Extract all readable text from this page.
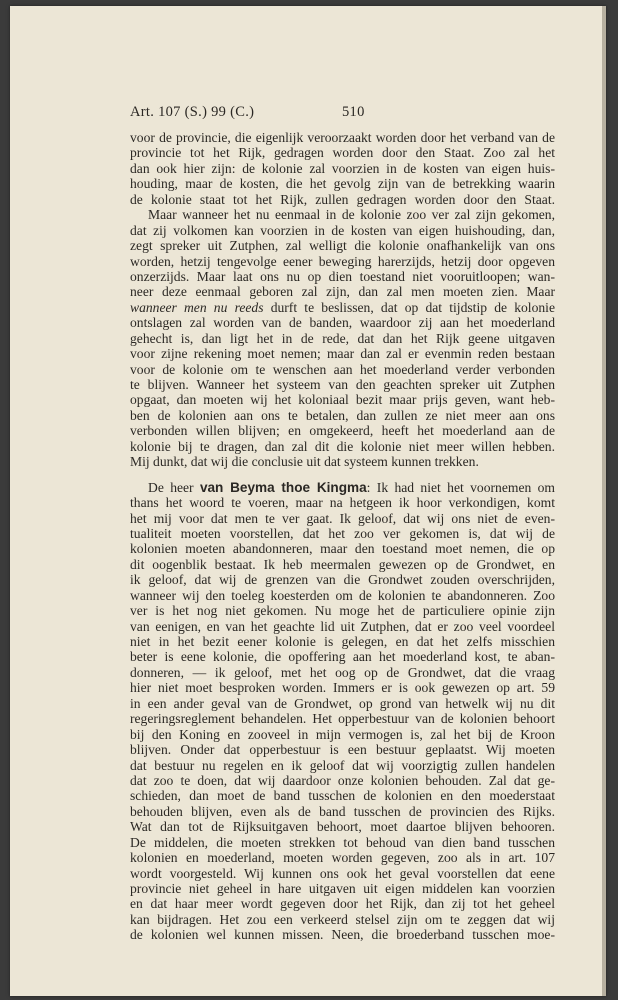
Art. 107 (S.) 99 (C.)	510
voor de provincie, die eigenlijk veroorzaakt worden door het verband van de
provincie tot het Rijk, gedragen worden door den Staat. Zoo zal het
dan ook hier zijn: de kolonie zal voorzien in de kosten van eigen huis-
houding, maar de kosten, die het gevolg zijn van de betrekking waarin
de kolonie staat tot het Rijk, zullen gedragen worden door den Staat.
Maar wanneer het nu eenmaal in de kolonie zoo ver zal zijn gekomen,
dat zij volkomen kan voorzien in de kosten van eigen huishouding, dan,
zegt spreker uit Zutphen, zal welligt die kolonie onafhankelijk van ons
worden, hetzij tengevolge eener beweging harerzijds, hetzij door opgeven
onzerzijds. Maar laat ons nu op dien toestand niet vooruitloopen; wan-
neer deze eenmaal geboren zal zijn, dan zal men moeten zien. Maar
wanneer men nu reeds durft te beslissen, dat op dat tijdstip de kolonie
ontslagen zal worden van de banden, waardoor zij aan het moederland
gehecht is, dan ligt het in de rede, dat dan het Rijk geene uitgaven
voor zijne rekening moet nemen; maar dan zal er evenmin reden bestaan
voor de kolonie om te wenschen aan het moederland verder verbonden
te blijven. Wanneer het systeem van den geachten spreker uit Zutphen
opgaat, dan moeten wij het koloniaal bezit maar prijs geven, want heb-
ben de kolonien aan ons te betalen, dan zullen ze niet meer aan ons
verbonden willen blijven; en omgekeerd, heeft het moederland aan de
kolonie bij te dragen, dan zal dit die kolonie niet meer willen hebben.
Mij dunkt, dat wij die conclusie uit dat systeem kunnen trekken.
De heer van Beyma thoe Kingma: Ik had niet het voornemen om
thans het woord te voeren, maar na hetgeen ik hoor verkondigen, komt
het mij voor dat men te ver gaat. Ik geloof, dat wij ons niet de even-
tualiteit moeten voorstellen, dat het zoo ver gekomen is, dat wij de
kolonien moeten abandonneren, maar den toestand moet nemen, die op
dit oogenblik bestaat. Ik heb meermalen gewezen op de Grondwet, en
ik geloof, dat wij de grenzen van die Grondwet zouden overschrijden,
wanneer wij den toeleg koesterden om de kolonien te abandonneren. Zoo
ver is het nog niet gekomen. Nu moge het de particuliere opinie zijn
van eenigen, en van het geachte lid uit Zutphen, dat er zoo veel voordeel
niet in het bezit eener kolonie is gelegen, en dat het zelfs misschien
beter is eene kolonie, die opoffering aan het moederland kost, te aban-
donneren, — ik geloof, met het oog op de Grondwet, dat die vraag
hier niet moet besproken worden. Immers er is ook gewezen op art. 59
in een ander geval van de Grondwet, op grond van hetwelk wij nu dit
regeringsreglement behandelen. Het opperbestuur van de kolonien behoort
bij den Koning en zooveel in mijn vermogen is, zal het bij de Kroon
blijven. Onder dat opperbestuur is een bestuur geplaatst. Wij moeten
dat bestuur nu regelen en ik geloof dat wij voorzigtig zullen handelen
dat zoo te doen, dat wij daardoor onze kolonien behouden. Zal dat ge-
schieden, dan moet de band tusschen de kolonien en den moederstaat
behouden blijven, even als de band tusschen de provincien des Rijks.
Wat dan tot de Rijksuitgaven behoort, moet daartoe blijven behooren.
De middelen, die moeten strekken tot behoud van dien band tusschen
kolonien en moederland, moeten worden gegeven, zoo als in art. 107
wordt voorgesteld. Wij kunnen ons ook het geval voorstellen dat eene
provincie niet geheel in hare uitgaven uit eigen middelen kan voorzien
en dat haar meer wordt gegeven door het Rijk, dan zij tot het geheel
kan bijdragen. Het zou een verkeerd stelsel zijn om te zeggen dat wij
de kolonien wel kunnen missen. Neen, die broederband tusschen moe-
